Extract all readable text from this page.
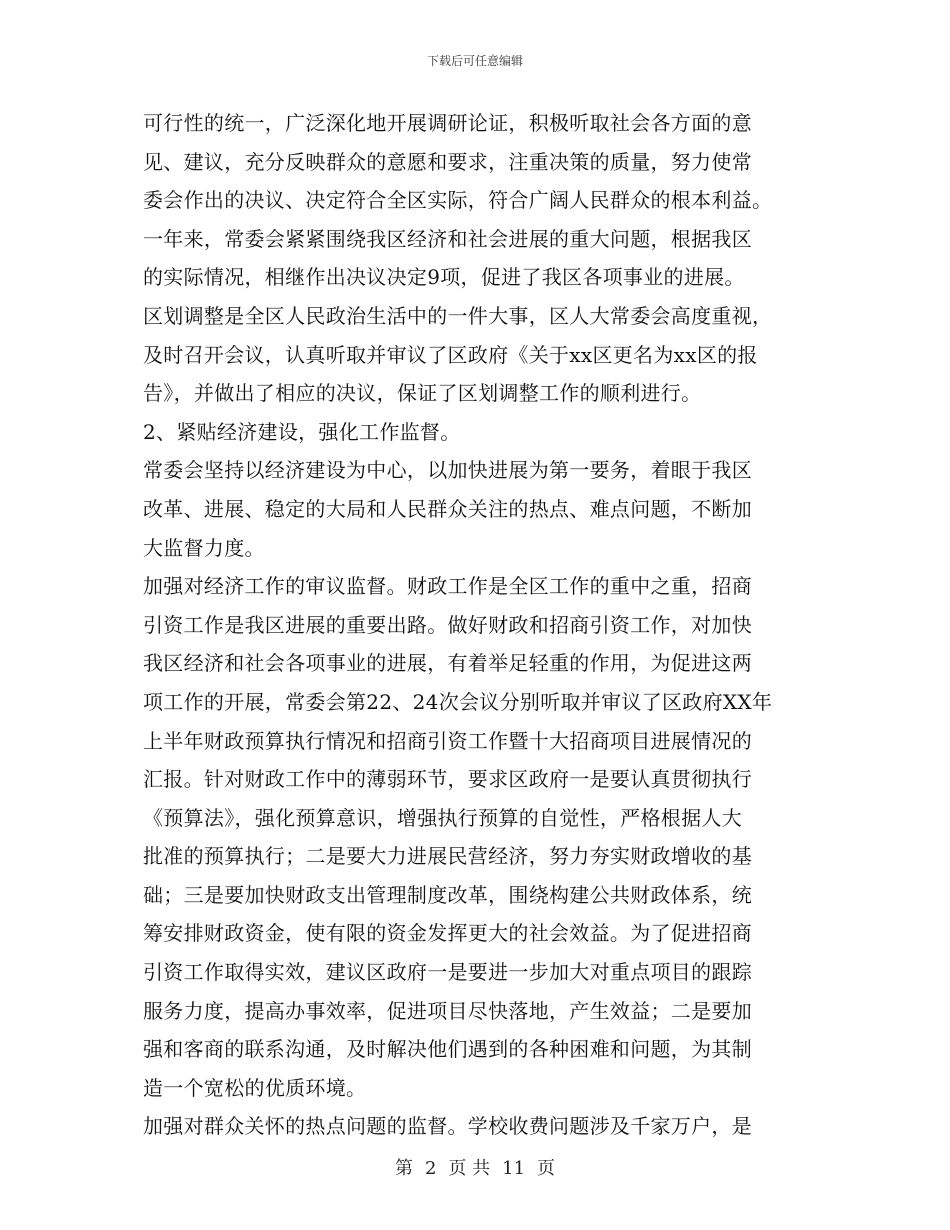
下载后可任意编辑
可行性的统一，广泛深化地开展调研论证，积极听取社会各方面的意
见、建议，充分反映群众的意愿和要求，注重决策的质量，努力使常
委会作出的决议、决定符合全区实际，符合广阔人民群众的根本利益。
一年来，常委会紧紧围绕我区经济和社会进展的重大问题，根据我区
的实际情况，相继作出决议决定9项，促进了我区各项事业的进展。
区划调整是全区人民政治生活中的一件大事，区人大常委会高度重视，
及时召开会议，认真听取并审议了区政府《关于xx区更名为xx区的报
告》，并做出了相应的决议，保证了区划调整工作的顺利进行。
2、紧贴经济建设，强化工作监督。
常委会坚持以经济建设为中心，以加快进展为第一要务，着眼于我区
改革、进展、稳定的大局和人民群众关注的热点、难点问题，不断加
大监督力度。
加强对经济工作的审议监督。财政工作是全区工作的重中之重，招商
引资工作是我区进展的重要出路。做好财政和招商引资工作，对加快
我区经济和社会各项事业的进展，有着举足轻重的作用，为促进这两
项工作的开展，常委会第22、24次会议分别听取并审议了区政府XX年
上半年财政预算执行情况和招商引资工作暨十大招商项目进展情况的
汇报。针对财政工作中的薄弱环节，要求区政府一是要认真贯彻执行
《预算法》，强化预算意识，增强执行预算的自觉性，严格根据人大
批准的预算执行；二是要大力进展民营经济，努力夯实财政增收的基
础；三是要加快财政支出管理制度改革，围绕构建公共财政体系，统
筹安排财政资金，使有限的资金发挥更大的社会效益。为了促进招商
引资工作取得实效，建议区政府一是要进一步加大对重点项目的跟踪
服务力度，提高办事效率，促进项目尽快落地，产生效益；二是要加
强和客商的联系沟通，及时解决他们遇到的各种困难和问题，为其制
造一个宽松的优质环境。
加强对群众关怀的热点问题的监督。学校收费问题涉及千家万户，是
第 2 页 共 11 页
